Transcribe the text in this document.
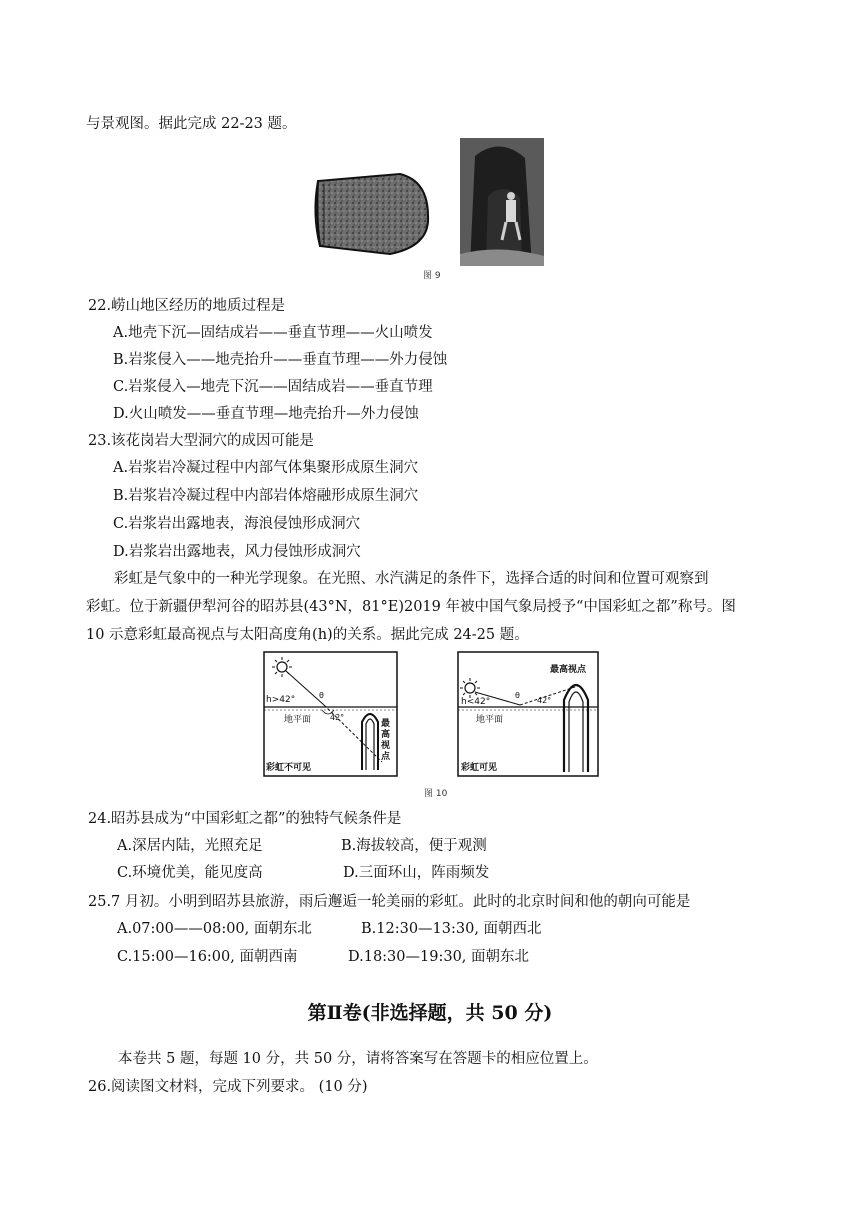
与景观图。据此完成 22-23 题。
图 9
22.崂山地区经历的地质过程是
A.地壳下沉—固结成岩——垂直节理——火山喷发
B.岩浆侵入——地壳抬升——垂直节理——外力侵蚀
C.岩浆侵入—地壳下沉——固结成岩——垂直节理
D.火山喷发——垂直节理—地壳抬升—外力侵蚀
23.该花岗岩大型洞穴的成因可能是
A.岩浆岩冷凝过程中内部气体集聚形成原生洞穴
B.岩浆岩冷凝过程中内部岩体熔融形成原生洞穴
C.岩浆岩出露地表，海浪侵蚀形成洞穴
D.岩浆岩出露地表，风力侵蚀形成洞穴
彩虹是气象中的一种光学现象。在光照、水汽满足的条件下，选择合适的时间和位置可观察到
彩虹。位于新疆伊犁河谷的昭苏县(43°N，81°E)2019 年被中国气象局授予“中国彩虹之都”称号。图
10 示意彩虹最高视点与太阳高度角(h)的关系。据此完成 24-25 题。
h>42°	θ
42°
地平面
彩虹不可见
最
高
视
点
h<42°
θ
42°
地平面
彩虹可见
最高视点
图 10
24.昭苏县成为“中国彩虹之都”的独特气候条件是
A.深居内陆，光照充足	B.海拔较高，便于观测
C.环境优美，能见度高	D.三面环山，阵雨频发
25.7 月初。小明到昭苏县旅游，雨后邂逅一轮美丽的彩虹。此时的北京时间和他的朝向可能是
A.07:00——08:00, 面朝东北	B.12:30—13:30, 面朝西北
C.15:00—16:00, 面朝西南	D.18:30—19:30, 面朝东北
第Ⅱ卷(非选择题，共 50 分)
本卷共 5 题，每题 10 分，共 50 分，请将答案写在答题卡的相应位置上。
26.阅读图文材料，完成下列要求。 (10 分)
